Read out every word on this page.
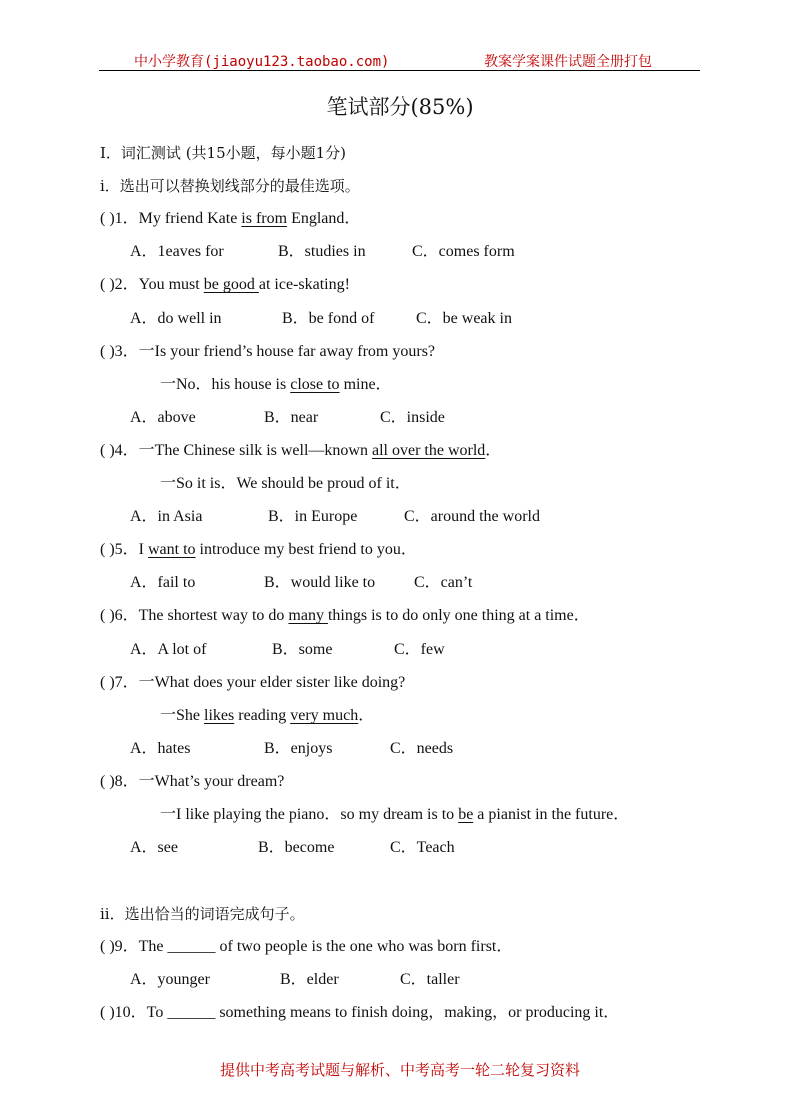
中小学教育(jiaoyu123.taobao.com)	教案学案课件试题全册打包
笔试部分(85%)
I．词汇测试 (共15小题，每小题1分)
i．选出可以替换划线部分的最佳选项。
( )1．My friend Kate is from England．
A．1eaves for	B．studies in	C．comes form
( )2．You must be good at ice-skating!
A．do well in	B．be fond of	C．be weak in
( )3．一Is your friend’s house far away from yours?
一No．his house is close to mine．
A．above	B．near	C．inside
( )4．一The Chinese silk is well—known all over the world．
一So it is．We should be proud of it．
A．in Asia	B．in Europe	C．around the world
( )5．I want to introduce my best friend to you．
A．fail to	B．would like to C．can’t
( )6．The shortest way to do many things is to do only one thing at a time．
A．A lot of	B．some	C．few
( )7．一What does your elder sister like doing?
一She likes reading very much．
A．hates	B．enjoys	C．needs
( )8．一What’s your dream?
一I like playing the piano．so my dream is to be a pianist in the future．
A．see	B．become	C．Teach
ii．选出恰当的词语完成句子。
( )9．The ______ of two people is the one who was born first．
A．younger	B．elder	C．taller
( )10．To ______ something means to finish doing，making，or producing it．
提供中考高考试题与解析、中考高考一轮二轮复习资料
